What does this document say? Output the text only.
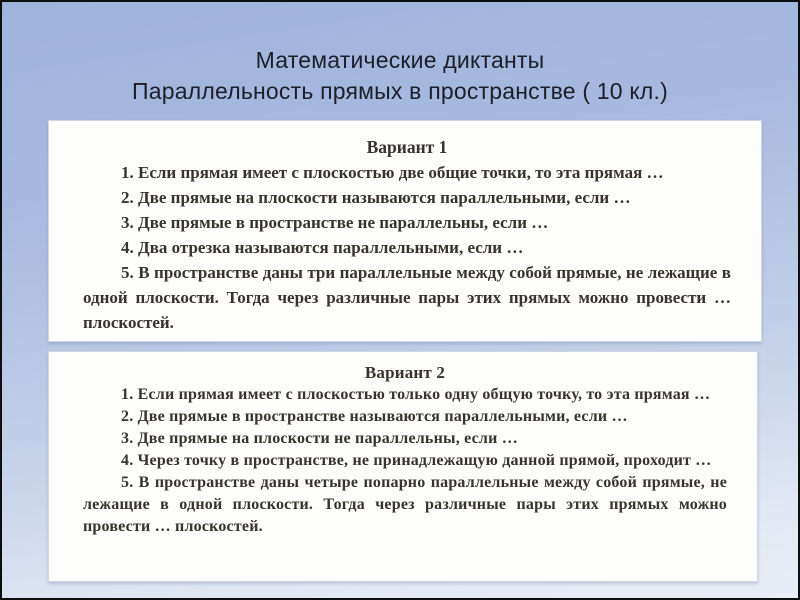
Математические диктанты
Параллельность прямых в пространстве ( 10 кл.)
Вариант 1

1. Если прямая имеет с плоскостью две общие точки, то эта прямая …

2. Две прямые на плоскости называются параллельными, если …

3. Две прямые в пространстве не параллельны, если …

4. Два отрезка называются параллельными, если …

5. В пространстве даны три параллельные между собой прямые, не лежащие в одной плоскости. Тогда через различные пары этих прямых можно провести … плоскостей.

Вариант 2

1. Если прямая имеет с плоскостью только одну общую точку, то эта прямая …

2. Две прямые в пространстве называются параллельными, если …

3. Две прямые на плоскости не параллельны, если …

4. Через точку в пространстве, не принадлежащую данной прямой, проходит …

5. В пространстве даны четыре попарно параллельные между собой прямые, не лежащие в одной плоскости. Тогда через различные пары этих прямых можно провести … плоскостей.
